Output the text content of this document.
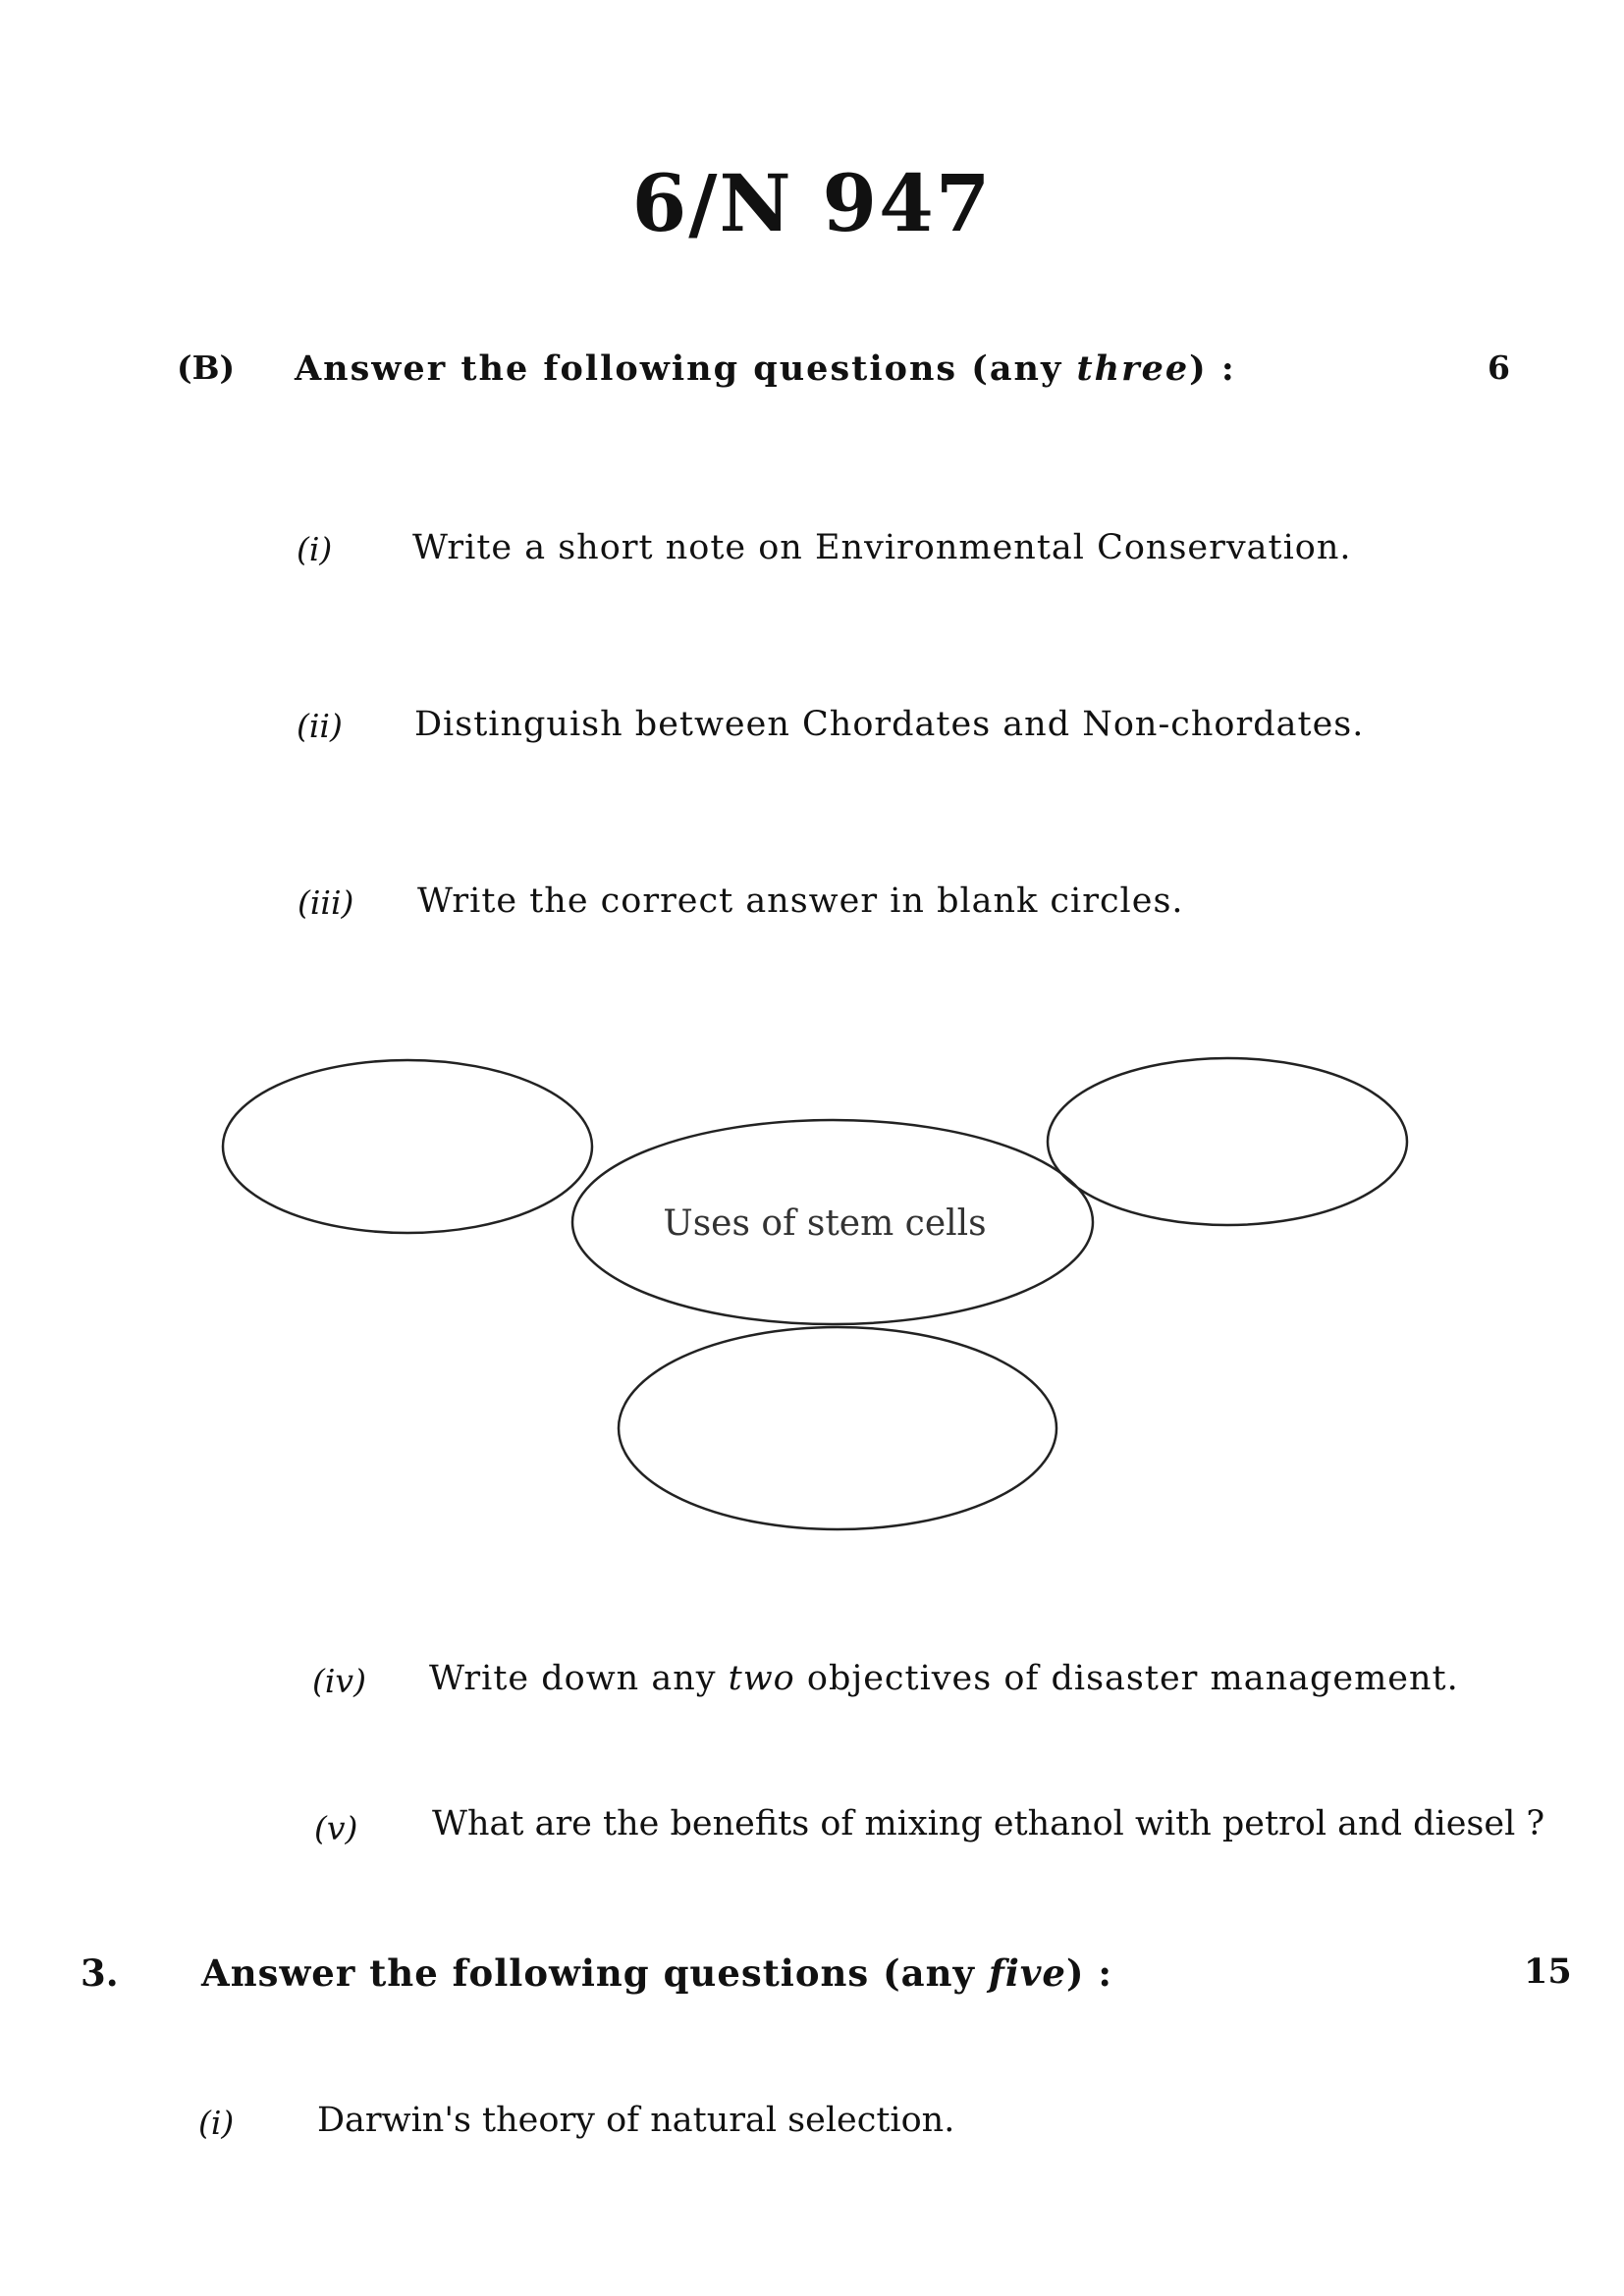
6/N 947
(B) Answer the following questions (any three) :	6
(i) Write a short note on Environmental Conservation.
(ii) Distinguish between Chordates and Non-chordates.
(iii) Write the correct answer in blank circles.
Uses of stem cells
(iv) Write down any two objectives of disaster management.
(v) What are the benefits of mixing ethanol with petrol and diesel ?
3. Answer the following questions (any five) :	15
(i) Darwin's theory of natural selection.
